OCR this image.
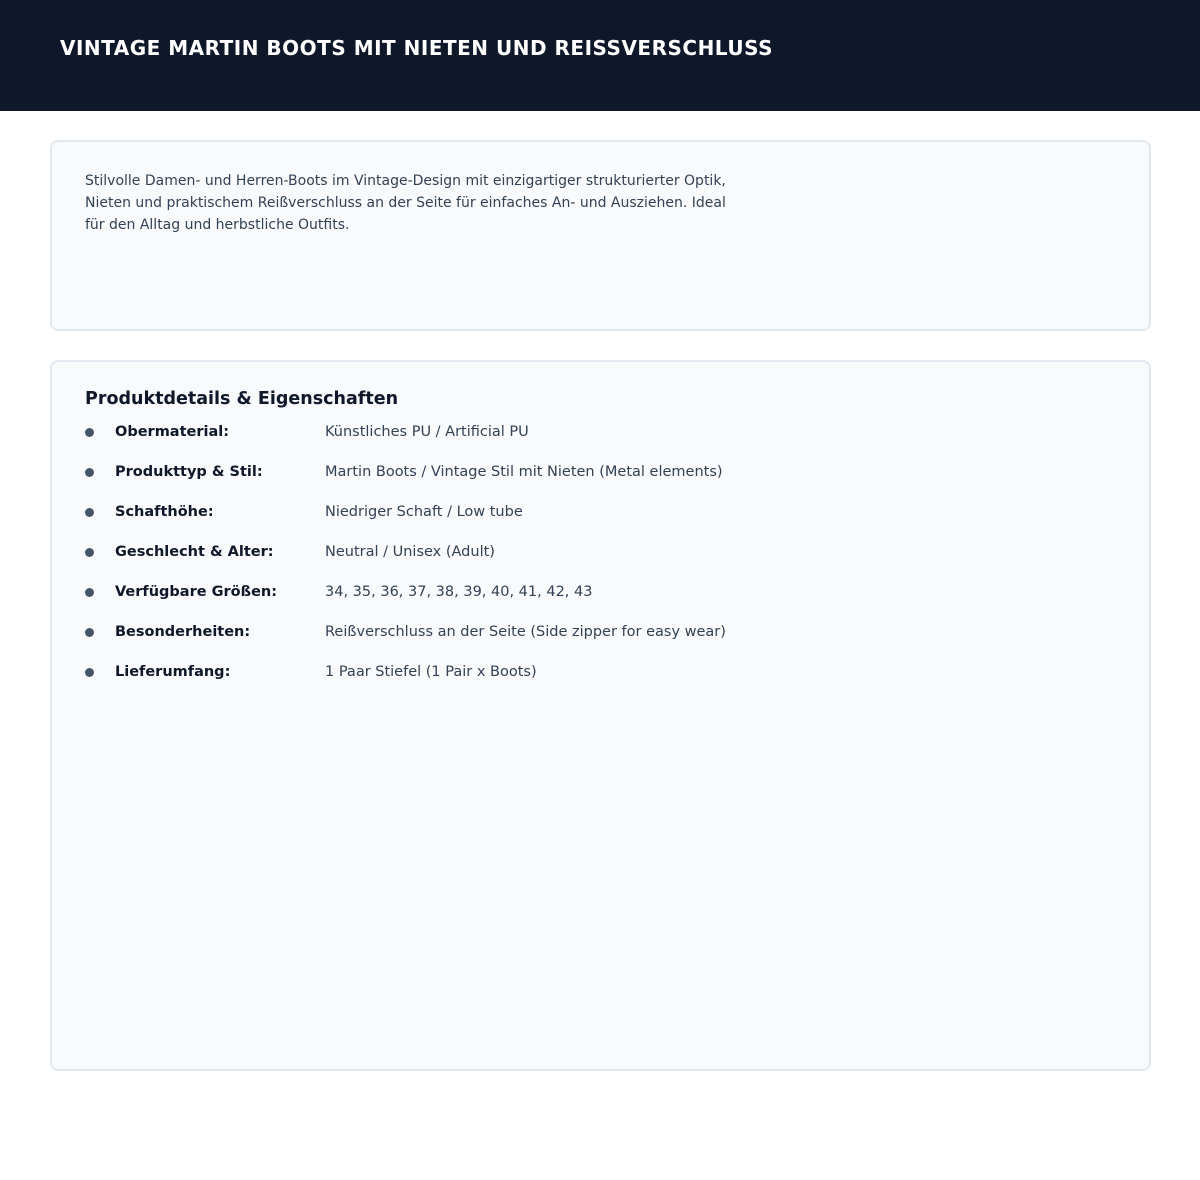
VINTAGE MARTIN BOOTS MIT NIETEN UND REISSVERSCHLUSS

Stilvolle Damen- und Herren-Boots im Vintage-Design mit einzigartiger strukturierter Optik, Nieten und praktischem Reißverschluss an der Seite für einfaches An- und Ausziehen. Ideal für den Alltag und herbstliche Outfits.

Produktdetails & Eigenschaften
Obermaterial:	Künstliches PU / Artificial PU
Produkttyp & Stil:	Martin Boots / Vintage Stil mit Nieten (Metal elements)
Schafthöhe:	Niedriger Schaft / Low tube
Geschlecht & Alter:	Neutral / Unisex (Adult)
Verfügbare Größen:	34, 35, 36, 37, 38, 39, 40, 41, 42, 43
Besonderheiten:	Reißverschluss an der Seite (Side zipper for easy wear)
Lieferumfang:	1 Paar Stiefel (1 Pair x Boots)
